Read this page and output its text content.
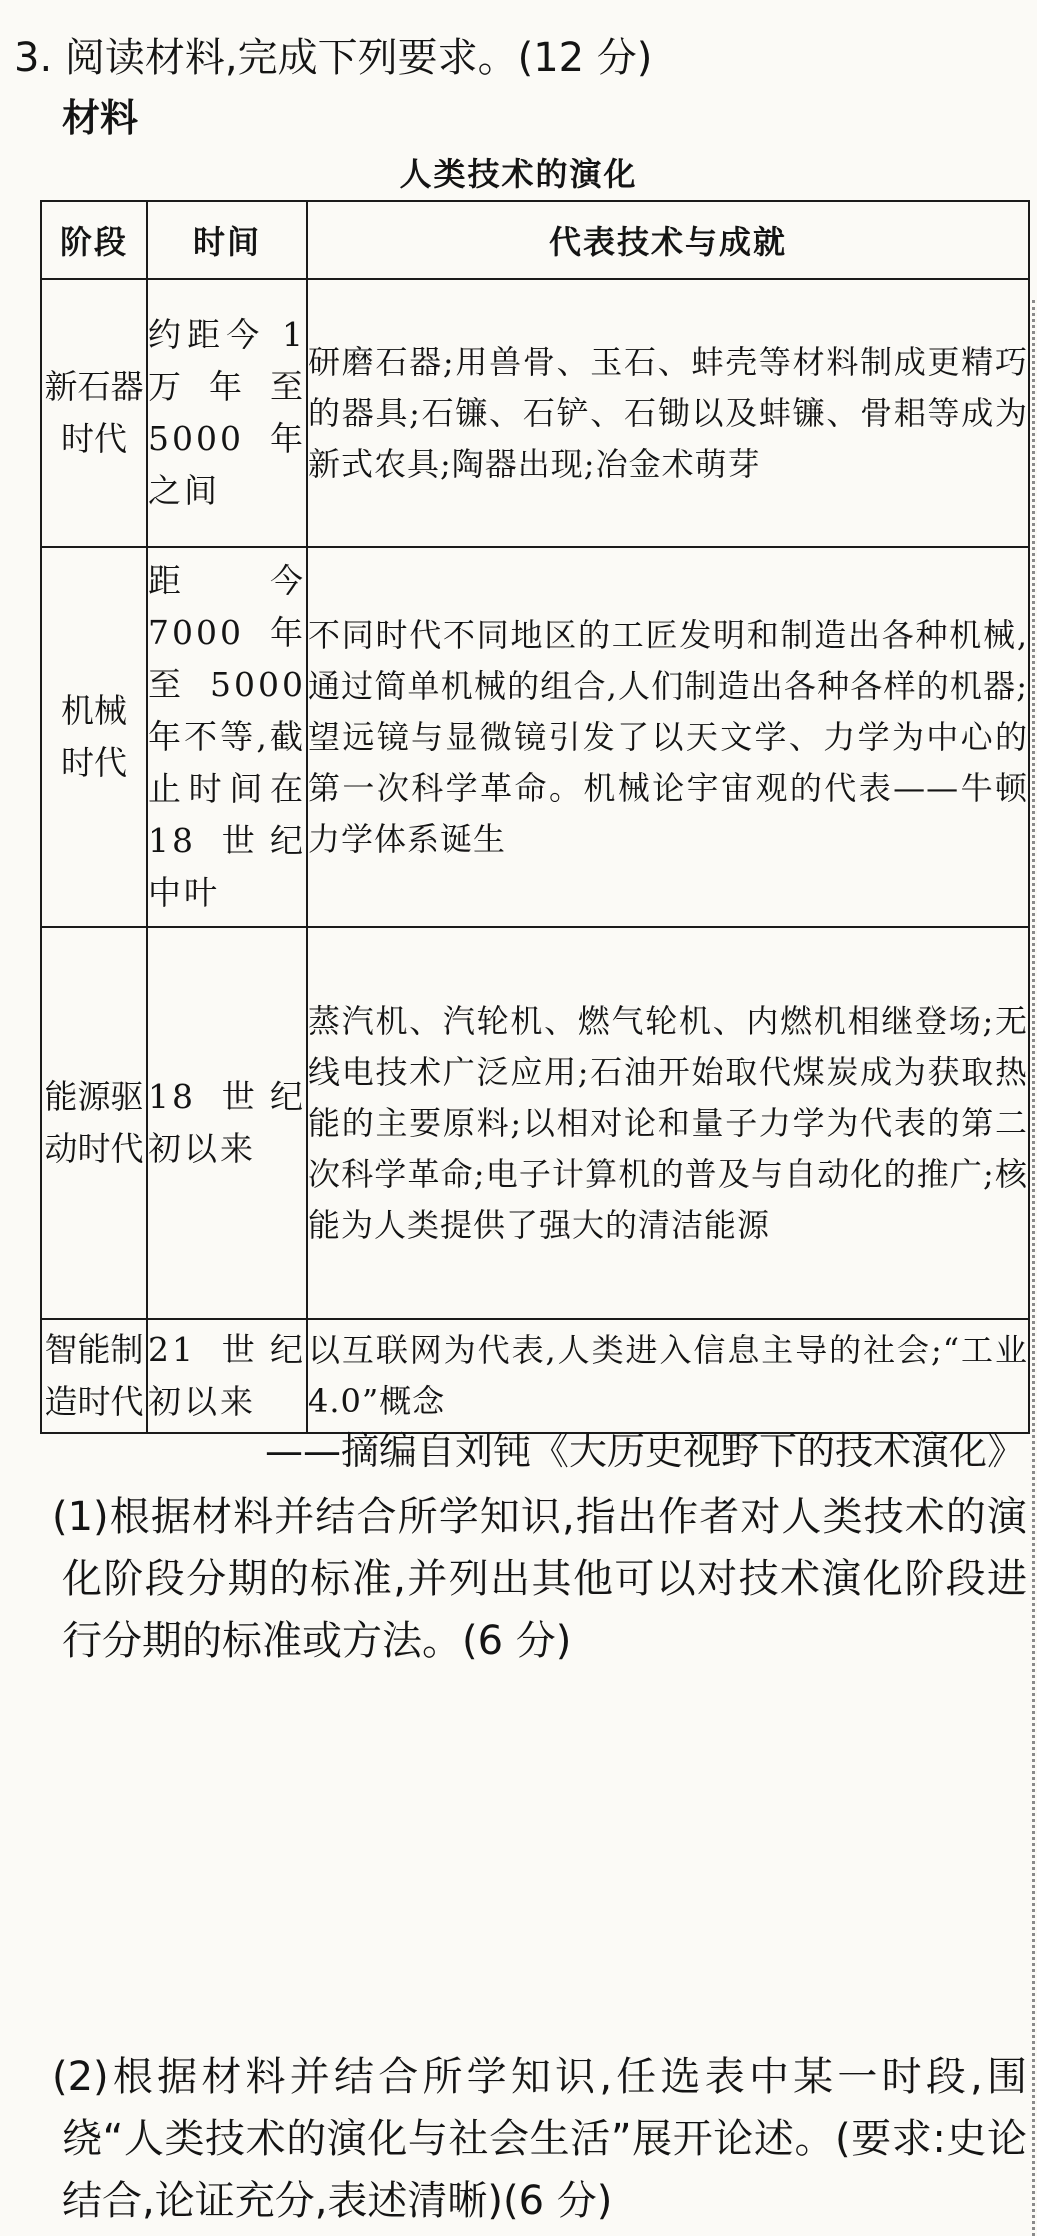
3. 阅读材料,完成下列要求。(12 分)
材料
人类技术的演化
阶段	时间	代表技术与成就
新石器
时代	约距今 1 万年至 5000 年之间	研磨石器;用兽骨、玉石、蚌壳等材料制成更精巧的器具;石镰、石铲、石锄以及蚌镰、骨耜等成为新式农具;陶器出现;冶金术萌芽
机械
时代	距今 7000 年至 5000 年不等,截止时间在 18 世纪中叶	不同时代不同地区的工匠发明和制造出各种机械,通过简单机械的组合,人们制造出各种各样的机器;望远镜与显微镜引发了以天文学、力学为中心的第一次科学革命。机械论宇宙观的代表——牛顿力学体系诞生
能源驱
动时代	18 世纪初以来	蒸汽机、汽轮机、燃气轮机、内燃机相继登场;无线电技术广泛应用;石油开始取代煤炭成为获取热能的主要原料;以相对论和量子力学为代表的第二次科学革命;电子计算机的普及与自动化的推广;核能为人类提供了强大的清洁能源
智能制
造时代	21 世纪初以来	以互联网为代表,人类进入信息主导的社会;“工业 4.0”概念
——摘编自刘钝《大历史视野下的技术演化》
(1)根据材料并结合所学知识,指出作者对人类技术的演化阶段分期的标准,并列出其他可以对技术演化阶段进行分期的标准或方法。(6 分)
(2)根据材料并结合所学知识,任选表中某一时段,围绕“人类技术的演化与社会生活”展开论述。(要求:史论结合,论证充分,表述清晰)(6 分)
